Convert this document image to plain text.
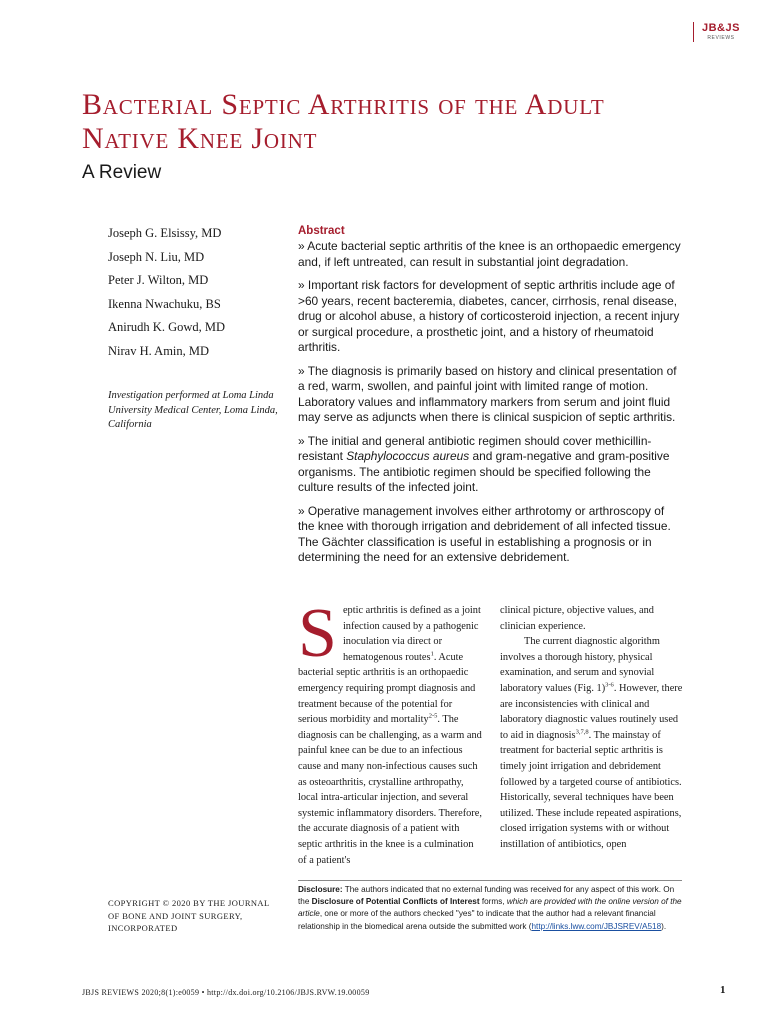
JB&JS
REVIEWS
Bacterial Septic Arthritis of the Adult
Native Knee Joint
A Review
Joseph G. Elsissy, MD
Joseph N. Liu, MD
Peter J. Wilton, MD
Ikenna Nwachuku, BS
Anirudh K. Gowd, MD
Nirav H. Amin, MD
Investigation performed at Loma Linda University Medical Center, Loma Linda, California
Abstract

» Acute bacterial septic arthritis of the knee is an orthopaedic emergency and, if left untreated, can result in substantial joint degradation.

» Important risk factors for development of septic arthritis include age of >60 years, recent bacteremia, diabetes, cancer, cirrhosis, renal disease, drug or alcohol abuse, a history of corticosteroid injection, a recent injury or surgical procedure, a prosthetic joint, and a history of rheumatoid arthritis.

» The diagnosis is primarily based on history and clinical presentation of a red, warm, swollen, and painful joint with limited range of motion. Laboratory values and inflammatory markers from serum and joint fluid may serve as adjuncts when there is clinical suspicion of septic arthritis.

» The initial and general antibiotic regimen should cover methicillin-resistant Staphylococcus aureus and gram-negative and gram-positive organisms. The antibiotic regimen should be specified following the culture results of the infected joint.

» Operative management involves either arthrotomy or arthroscopy of the knee with thorough irrigation and debridement of all infected tissue. The Gächter classification is useful in establishing a prognosis or in determining the need for an extensive debridement.

Septic arthritis is defined as a joint infection caused by a pathogenic inoculation via direct or hematogenous routes$^1$. Acute bacterial septic arthritis is an orthopaedic emergency requiring prompt diagnosis and treatment because of the potential for serious morbidity and mortality$^{2-5}$. The diagnosis can be challenging, as a warm and painful knee can be due to an infectious cause and many non-infectious causes such as osteoarthritis, crystalline arthropathy, local intra-articular injection, and several systemic inflammatory disorders. Therefore, the accurate diagnosis of a patient with septic arthritis in the knee is a culmination of a patient's

clinical picture, objective values, and clinician experience.

The current diagnostic algorithm involves a thorough history, physical examination, and serum and synovial laboratory values (Fig. 1)$^{3-6}$. However, there are inconsistencies with clinical and laboratory diagnostic values routinely used to aid in diagnosis$^{3,7,8}$. The mainstay of treatment for bacterial septic arthritis is timely joint irrigation and debridement followed by a targeted course of antibiotics. Historically, several techniques have been utilized. These include repeated aspirations, closed irrigation systems with or without instillation of antibiotics, open

COPYRIGHT © 2020 BY THE JOURNAL OF BONE AND JOINT SURGERY, INCORPORATED
Disclosure: The authors indicated that no external funding was received for any aspect of this work. On the Disclosure of Potential Conflicts of Interest forms, which are provided with the online version of the article, one or more of the authors checked "yes" to indicate that the author had a relevant financial relationship in the biomedical arena outside the submitted work (http://links.lww.com/JBJSREV/A518).
JBJS REVIEWS 2020;8(1):e0059 • http://dx.doi.org/10.2106/JBJS.RVW.19.00059	1
